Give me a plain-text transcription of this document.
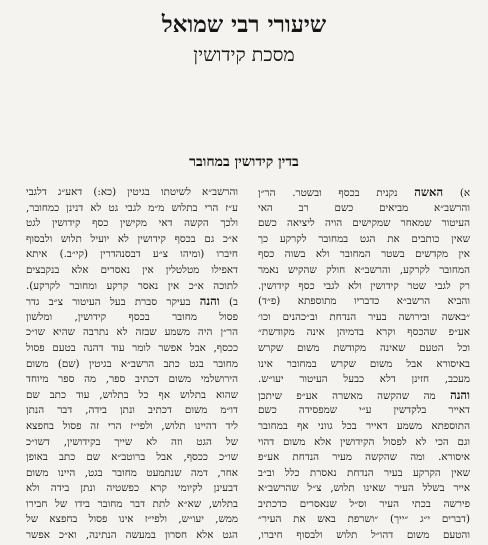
שיעורי רבי שמואל
מסכת קידושין
בדין קידושין במחובר
א) האשה נקנית בכסף ובשטר. הר״ן
והרשב״א מביאים כשם רב האי
העיטור שמאחר שמקישים הויה ליציאה כשם
שאין כותבים את הגט במחובר לקרקע כך
אין מקדשים בשטר המחובר ולא בשוה כסף
המחובר לקרקע, והרשב״א חולק שהקיש נאמר
רק לגבי שטר קידושין ולא לגבי כסף קידושין.
והביא הרשב״א כדבריו מתוספתא (פ״ד)
״באשה ובירושה בעיר הנדחת וב״כהנים וכו׳
אע״פ שהכסף וקרא בדמיהן אינה מקודשת״
וכל הטעם שאינה מקודשת משום שקרש
באיסורא אבל משום שקרש במחובר אינו
מעכב, חזינן דלא כבעל העיטור יעו״ש.
והנה מה שהקשה מאשרה אע״פ שיתכן
דאייר בלקדשין ע״י שמפסידה כשם
התוספתא משמע דאייר בכל גווני אף במחובר
וגם הכי לא לפסול הקידושין אלא משום דהוי
איסורא. ומה שהקשה מעיר הנדחת אע״פ
שאין הקרקע בעיר הנדחת נאסרת כלל וב״ב
אייר בשלל העיר שאינו תלוש, צ״ל שהרשב״א
פירשה בכתי העיר וס״ל שנאסרים כדכתיב
(דברים י״ג ״ייך) ״ושרפת באש את העיר״
והטעם משום דהו״ל תלוש ולבסוף חיברו,
והרשב״א לשיטתו בגיטין (כא:) דאע״ג דלגבי
ע״ז הרי בתלוש מ״מ לגבי גט לא דנינן כמחובר,
ולכך הקשה דאי מקישין כסף קידושין לגט
א״כ גם בכסף קידושין לא יועיל תלוש ולבסוף
חיברו (ומיהו צ״ע דבסנהדרין (קי״ב.) איתא
דאפילו מטלטלין אין נאסרים אלא בנקבצים
לתוכה א״כ אין נאסר קרקע ומחובר לקרקע).
ב) והנה בעיקר סברת בעל העיטור צ״ב גדר
פסול מחובר בכסף קידושין, ומלשון
הר״ן היה משמע שבזה לא נתרבה שהיא שו״כ
ככסף, אבל אפשר לומר עוד דהנה בטעם פסול
מחובר בגט כתב הרשב״א בגיטין (שם) משום
הירושלמי משום דכתיב ספר, מה ספר מיוחד
שהוא בתלוש אף כל בתלוש, עוד כתב שם
דו״מ משום דכתיב ונתן בידה, דבר הנתן
ליד דהיינו תלוש, ולפי״ז הרי זה פסול בחפצא
של הגט וזה לא שייך בקידושין, דשו״כ
שו״כ ככסף, אבל ברוטב״א שם כתב באופן
אחר, דמה שנתמעט מחובר בגט, היינו משום
דבעינן לקיומי קרא כפשטיה ונתן בידה ולא
בתלוש, שא״א לתת דבר מחובר בידו של חבירו
ממש, יעו״ש, ולפי״ז אינו פסול בחפצא של
הגט אלא חסרון במעשה הנתינה, וא״כ אפשר
